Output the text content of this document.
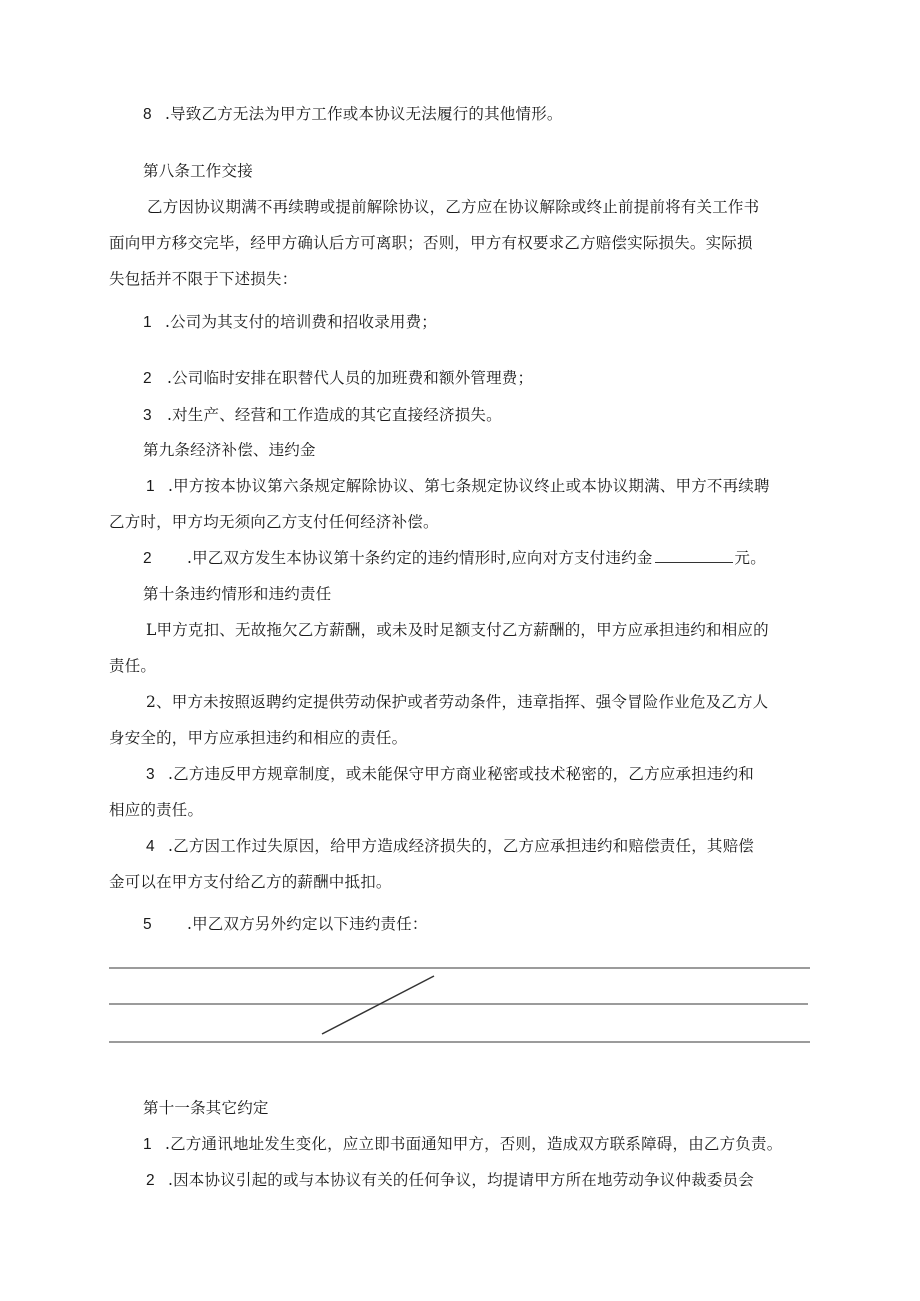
8 .导致乙方无法为甲方工作或本协议无法履行的其他情形。
第八条工作交接
乙方因协议期满不再续聘或提前解除协议，乙方应在协议解除或终止前提前将有关工作书
面向甲方移交完毕，经甲方确认后方可离职；否则，甲方有权要求乙方赔偿实际损失。实际损
失包括并不限于下述损失：
1 .公司为其支付的培训费和招收录用费；
2 .公司临时安排在职替代人员的加班费和额外管理费；
3 .对生产、经营和工作造成的其它直接经济损失。
第九条经济补偿、违约金
1 .甲方按本协议第六条规定解除协议、第七条规定协议终止或本协议期满、甲方不再续聘
乙方时，甲方均无须向乙方支付任何经济补偿。
2 .甲乙双方发生本协议第十条约定的违约情形时,应向对方支付违约金	元。
第十条违约情形和违约责任
L甲方克扣、无故拖欠乙方薪酬，或未及时足额支付乙方薪酬的，甲方应承担违约和相应的
责任。
2、甲方未按照返聘约定提供劳动保护或者劳动条件，违章指挥、强令冒险作业危及乙方人
身安全的，甲方应承担违约和相应的责任。
3 .乙方违反甲方规章制度，或未能保守甲方商业秘密或技术秘密的，乙方应承担违约和
相应的责任。
4 .乙方因工作过失原因，给甲方造成经济损失的，乙方应承担违约和赔偿责任，其赔偿
金可以在甲方支付给乙方的薪酬中抵扣。
5 .甲乙双方另外约定以下违约责任：
第十一条其它约定
1 .乙方通讯地址发生变化，应立即书面通知甲方，否则，造成双方联系障碍，由乙方负责。
2 .因本协议引起的或与本协议有关的任何争议，均提请甲方所在地劳动争议仲裁委员会
